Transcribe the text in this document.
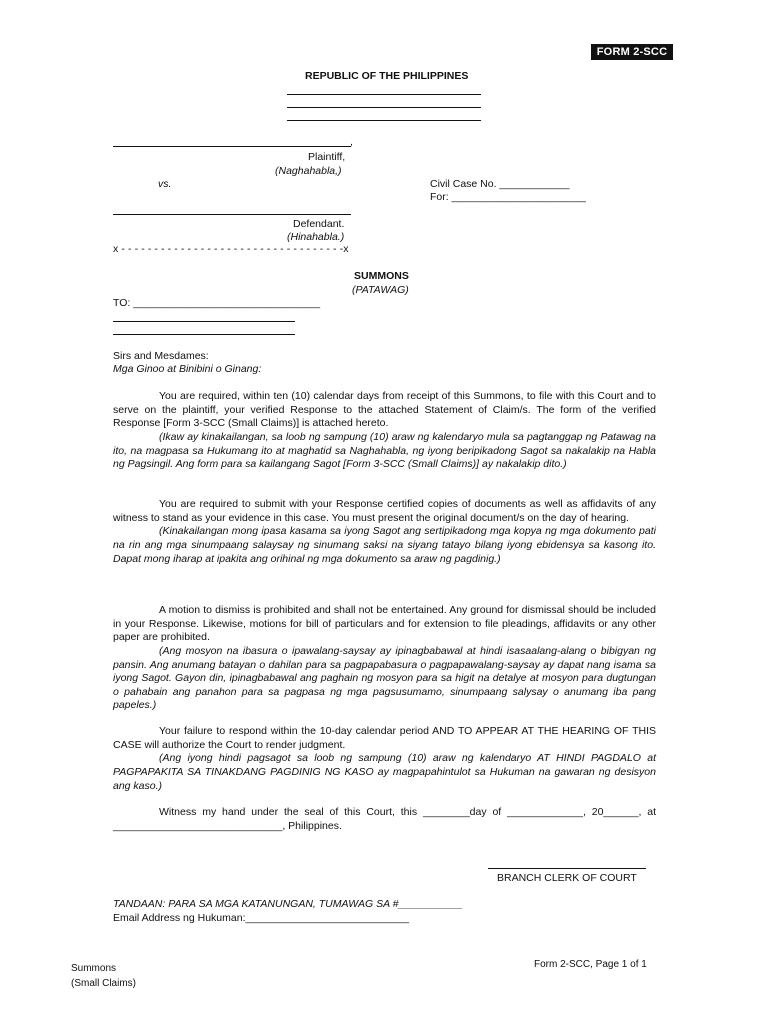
FORM 2-SCC
REPUBLIC OF THE PHILIPPINES
,
Plaintiff,
(Naghahabla,)
vs.	Civil Case No. ____________
For: _______________________
Defendant.
(Hinahabla.)
x - - - - - - - - - - - - - - - - - - - - - - - - - - - - - - - - - -x
SUMMONS
(PATAWAG)
TO: ________________________________
Sirs and Mesdames:
Mga Ginoo at Binibini o Ginang:

You are required, within ten (10) calendar days from receipt of this Summons, to file with this Court and to serve on the plaintiff, your verified Response to the attached Statement of Claim/s. The form of the verified Response [Form 3-SCC (Small Claims)] is attached hereto.

(Ikaw ay kinakailangan, sa loob ng sampung (10) araw ng kalendaryo mula sa pagtanggap ng Patawag na ito, na magpasa sa Hukumang ito at maghatid sa Naghahabla, ng iyong beripikadong Sagot sa nakalakip na Habla ng Pagsingil. Ang form para sa kailangang Sagot [Form 3-SCC (Small Claims)] ay nakalakip dito.)

You are required to submit with your Response certified copies of documents as well as affidavits of any witness to stand as your evidence in this case. You must present the original document/s on the day of hearing.

(Kinakailangan mong ipasa kasama sa iyong Sagot ang sertipikadong mga kopya ng mga dokumento pati na rin ang mga sinumpaang salaysay ng sinumang saksi na siyang tatayo bilang iyong ebidensya sa kasong ito. Dapat mong iharap at ipakita ang orihinal ng mga dokumento sa araw ng pagdinig.)

A motion to dismiss is prohibited and shall not be entertained. Any ground for dismissal should be included in your Response. Likewise, motions for bill of particulars and for extension to file pleadings, affidavits or any other paper are prohibited.

(Ang mosyon na ibasura o ipawalang-saysay ay ipinagbabawal at hindi isasaalang-alang o bibigyan ng pansin. Ang anumang batayan o dahilan para sa pagpapabasura o pagpapawalang-saysay ay dapat nang isama sa iyong Sagot. Gayon din, ipinagbabawal ang paghain ng mosyon para sa higit na detalye at mosyon para dugtungan o pahabain ang panahon para sa pagpasa ng mga pagsusumamo, sinumpaang salysay o anumang iba pang papeles.)

Your failure to respond within the 10-day calendar period AND TO APPEAR AT THE HEARING OF THIS CASE will authorize the Court to render judgment.

(Ang iyong hindi pagsagot sa loob ng sampung (10) araw ng kalendaryo AT HINDI PAGDALO at PAGPAPAKITA SA TINAKDANG PAGDINIG NG KASO ay magpapahintulot sa Hukuman na gawaran ng desisyon ang kaso.)

Witness my hand under the seal of this Court, this ________day of _____________, 20______, at

_____________________________, Philippines.

BRANCH CLERK OF COURT
TANDAAN: PARA SA MGA KATANUNGAN, TUMAWAG SA #___________
Email Address ng Hukuman:____________________________
Summons
(Small Claims)
Form 2-SCC, Page 1 of 1
